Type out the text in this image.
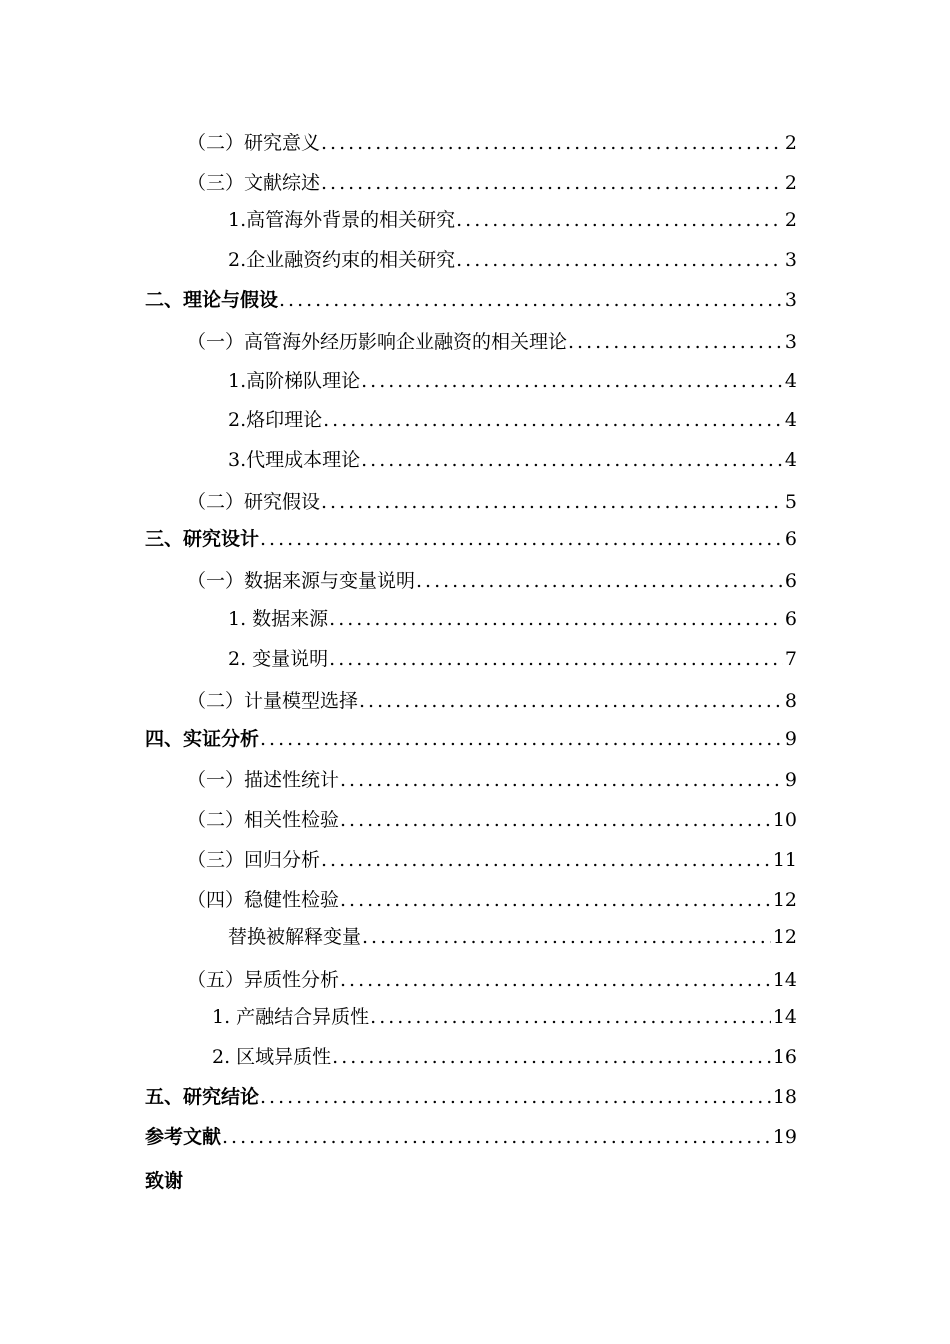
（二）研究意义 .....	2
（三）文献综述 .....	2
1.高管海外背景的相关研究 .....	2
2.企业融资约束的相关研究 .....	3
二、理论与假设 .....	3
（一）高管海外经历影响企业融资的相关理论 .....	3
1.高阶梯队理论 .....	4
2.烙印理论 .....	4
3.代理成本理论 .....	4
（二）研究假设 .....	5
三、研究设计 .....	6
（一）数据来源与变量说明 .....	6
1. 数据来源 .....	6
2. 变量说明 .....	7
（二）计量模型选择 .....	8
四、实证分析 .....	9
（一）描述性统计 .....	9
（二）相关性检验 .....	10
（三）回归分析 .....	11
（四）稳健性检验 .....	12
替换被解释变量 .....	12
（五）异质性分析 .....	14
1. 产融结合异质性 .....	14
2. 区域异质性 .....	16
五、研究结论 .....	18
参考文献 .....	19
致谢
